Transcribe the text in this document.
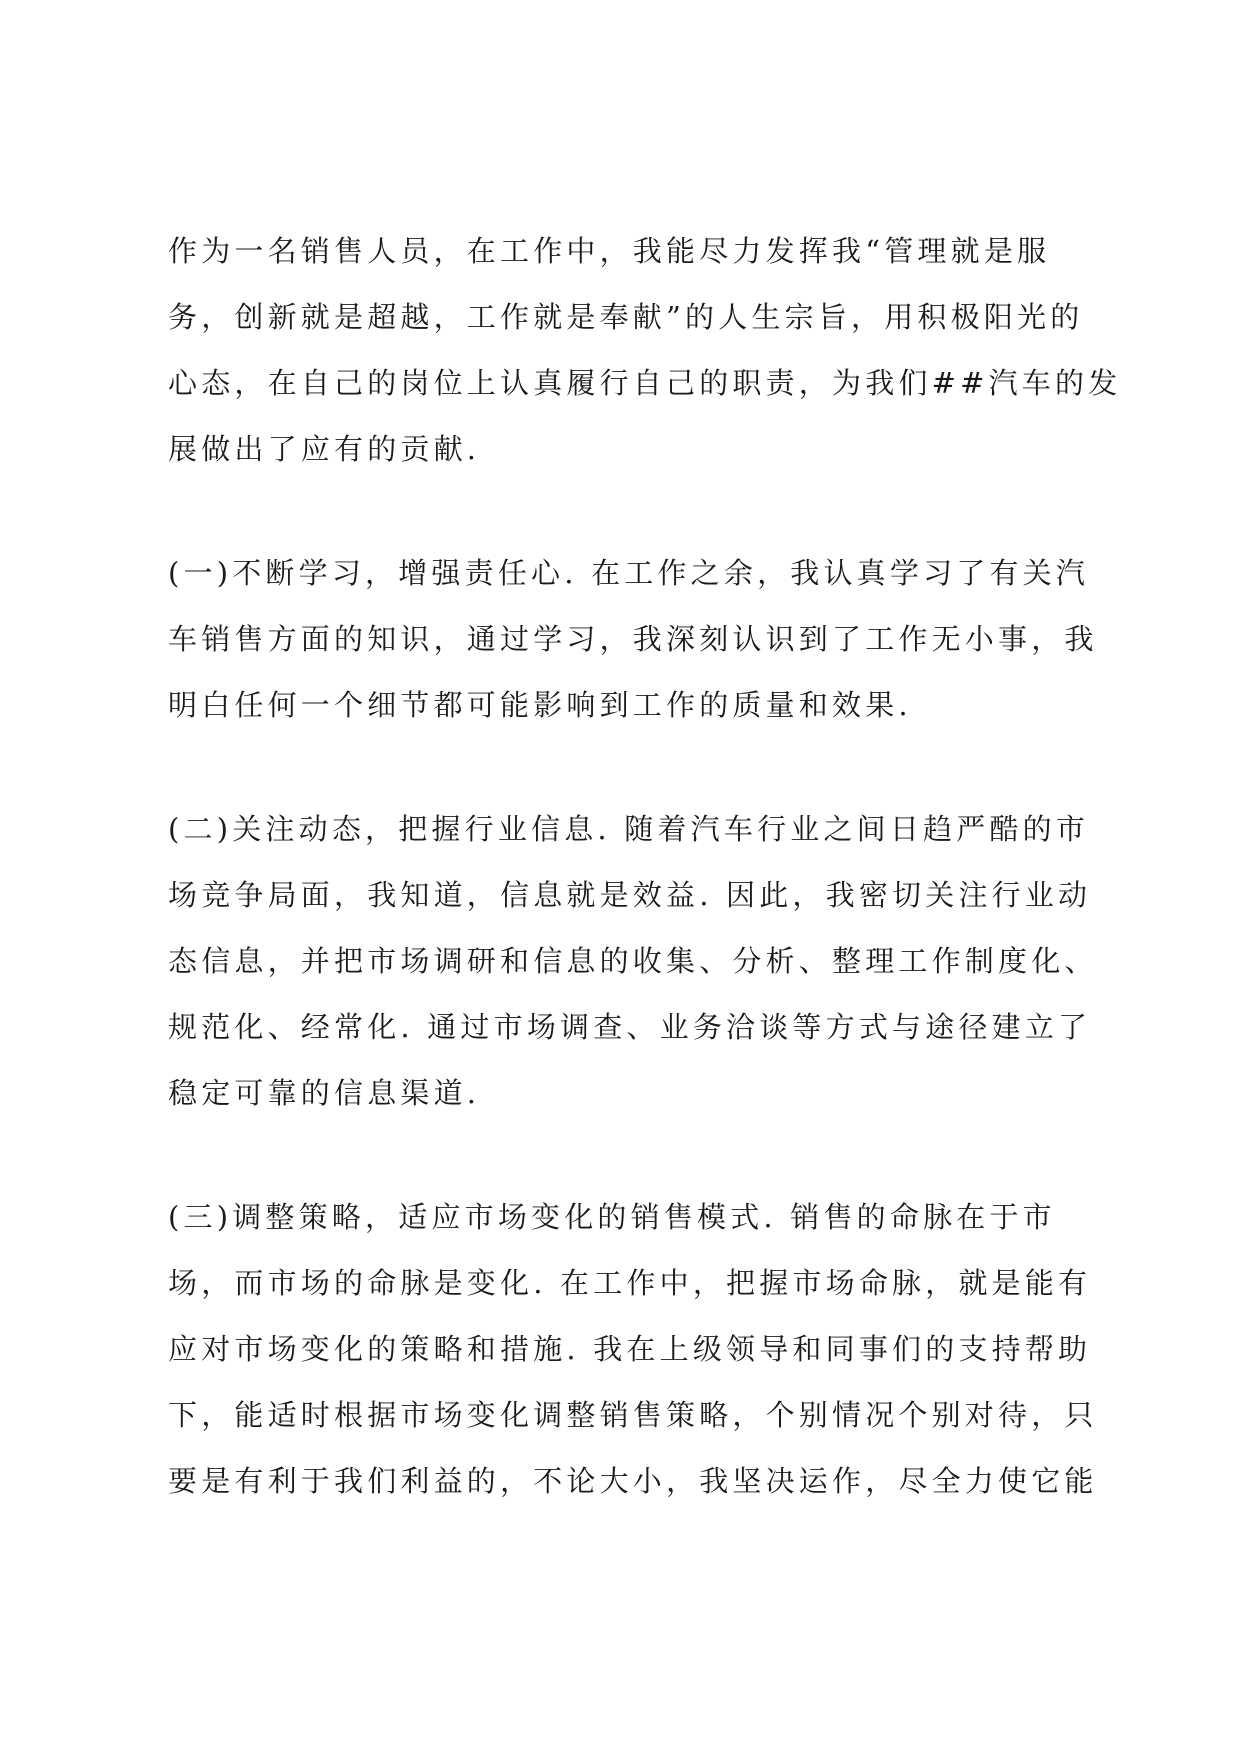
作为一名销售人员，在工作中，我能尽力发挥我“管理就是服
务，创新就是超越，工作就是奉献”的人生宗旨，用积极阳光的
心态，在自己的岗位上认真履行自己的职责，为我们##汽车的发
展做出了应有的贡献.
(一)不断学习，增强责任心. 在工作之余，我认真学习了有关汽
车销售方面的知识，通过学习，我深刻认识到了工作无小事，我
明白任何一个细节都可能影响到工作的质量和效果.
(二)关注动态，把握行业信息. 随着汽车行业之间日趋严酷的市
场竞争局面，我知道，信息就是效益. 因此，我密切关注行业动
态信息，并把市场调研和信息的收集、分析、整理工作制度化、
规范化、经常化. 通过市场调查、业务洽谈等方式与途径建立了
稳定可靠的信息渠道.
(三)调整策略，适应市场变化的销售模式. 销售的命脉在于市
场，而市场的命脉是变化. 在工作中，把握市场命脉，就是能有
应对市场变化的策略和措施. 我在上级领导和同事们的支持帮助
下，能适时根据市场变化调整销售策略，个别情况个别对待，只
要是有利于我们利益的，不论大小，我坚决运作，尽全力使它能
